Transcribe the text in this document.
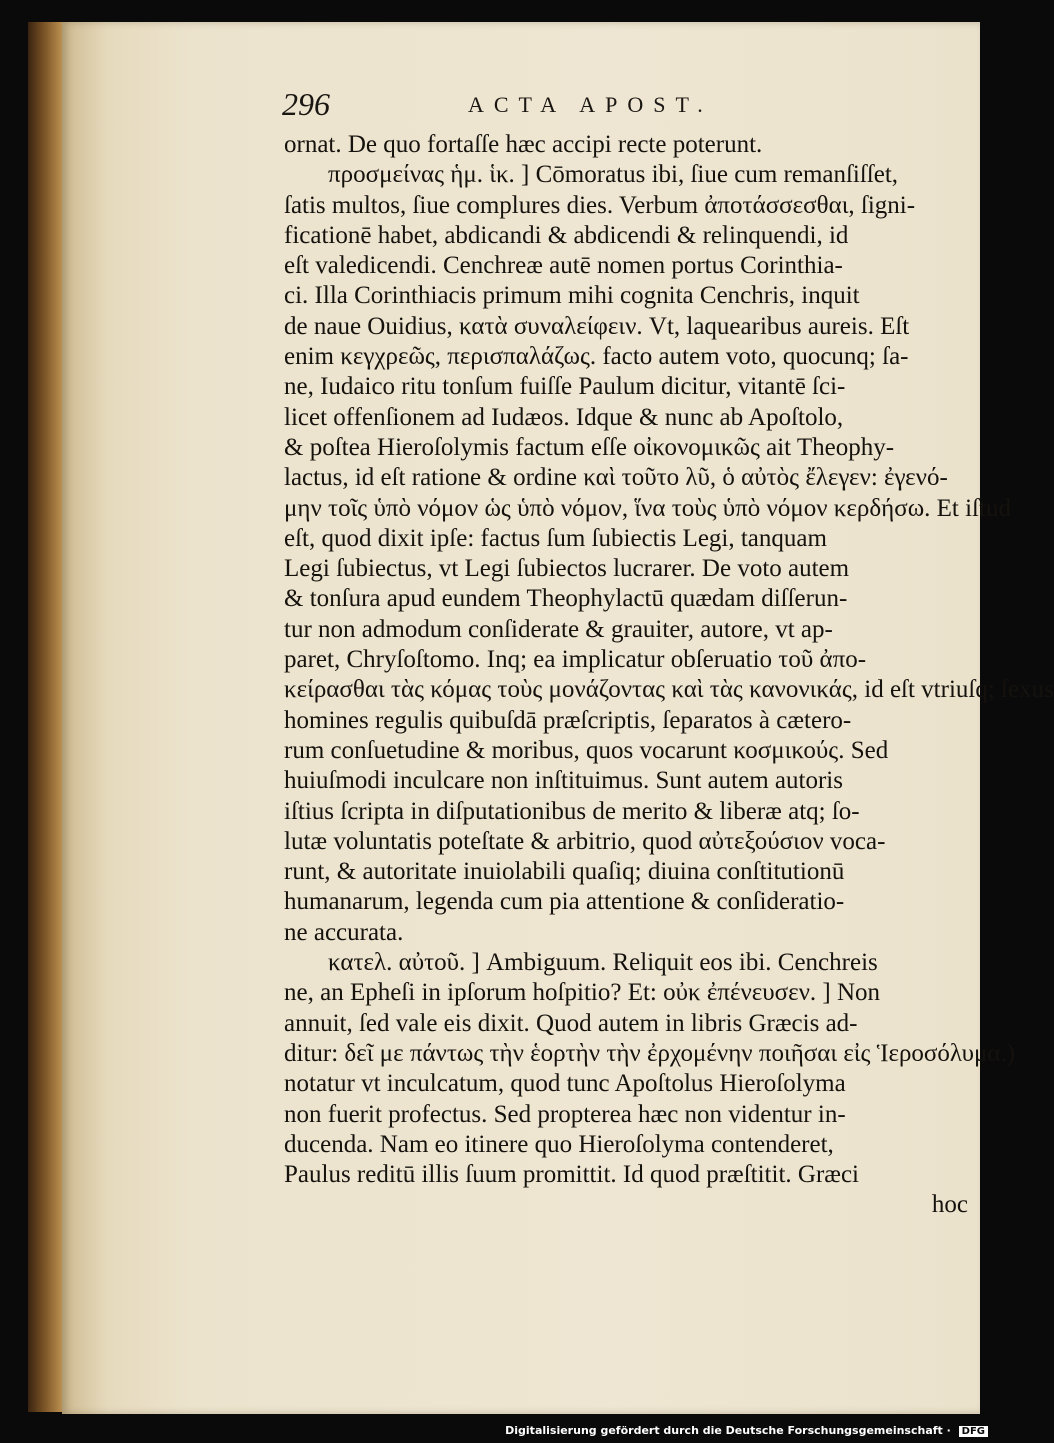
296	ACTA APOST.
ornat. De quo fortaſſe hæc accipi recte poterunt.
προσμείνας ἡμ. ἱκ. ] Cōmoratus ibi, ſiue cum remanſiſſet,
ſatis multos, ſiue complures dies. Verbum ἀποτάσσεσθαι, ſigni-
ficationē habet, abdicandi & abdicendi & relinquendi, id
eſt valedicendi. Cenchreæ autē nomen portus Corinthia-
ci. Illa Corinthiacis primum mihi cognita Cenchris, inquit
de naue Ouidius, κατὰ συναλείφειν. Vt, laquearibus aureis. Eſt
enim κεγχρεῶς, περισπαλάζως. facto autem voto, quocunq; ſa-
ne, Iudaico ritu tonſum fuiſſe Paulum dicitur, vitantē ſci-
licet offenſionem ad Iudæos. Idque & nunc ab Apoſtolo,
& poſtea Hieroſolymis factum eſſe οἰκονομικῶς ait Theophy-
lactus, id eſt ratione & ordine καὶ τοῦτο λῦ, ὁ αὐτὸς ἔλεγεν: ἐγενό-
μην τοῖς ὑπὸ νόμον ὡς ὑπὸ νόμον, ἵνα τοὺς ὑπὸ νόμον κερδήσω. Et iſtud
eſt, quod dixit ipſe: factus ſum ſubiectis Legi, tanquam
Legi ſubiectus, vt Legi ſubiectos lucrarer. De voto autem
& tonſura apud eundem Theophylactū quædam diſſerun-
tur non admodum conſiderate & grauiter, autore, vt ap-
paret, Chryſoſtomo. Inq; ea implicatur obſeruatio τοῦ ἀπο-
κείρασθαι τὰς κόμας τοὺς μονάζοντας καὶ τὰς κανονικάς, id eſt vtriuſq; ſexus
homines regulis quibuſdā præſcriptis, ſeparatos à cætero-
rum conſuetudine & moribus, quos vocarunt κοσμικούς. Sed
huiuſmodi inculcare non inſtituimus. Sunt autem autoris
iſtius ſcripta in diſputationibus de merito & liberæ atq; ſo-
lutæ voluntatis poteſtate & arbitrio, quod αὐτεξούσιον voca-
runt, & autoritate inuiolabili quaſiq; diuina conſtitutionū
humanarum, legenda cum pia attentione & conſideratio-
ne accurata.
κατελ. αὐτοῦ. ] Ambiguum. Reliquit eos ibi. Cenchreis
ne, an Epheſi in ipſorum hoſpitio? Et: οὐκ ἐπένευσεν. ] Non
annuit, ſed vale eis dixit. Quod autem in libris Græcis ad-
ditur: δεῖ με πάντως τὴν ἑορτὴν τὴν ἐρχομένην ποιῆσαι εἰς Ἱεροσόλυμα.)
notatur vt inculcatum, quod tunc Apoſtolus Hieroſolyma
non fuerit profectus. Sed propterea hæc non videntur in-
ducenda. Nam eo itinere quo Hieroſolyma contenderet,
Paulus reditū illis ſuum promittit. Id quod præſtitit. Græci
hoc
Digitalisierung gefördert durch die Deutsche Forschungsgemeinschaft · DFG
